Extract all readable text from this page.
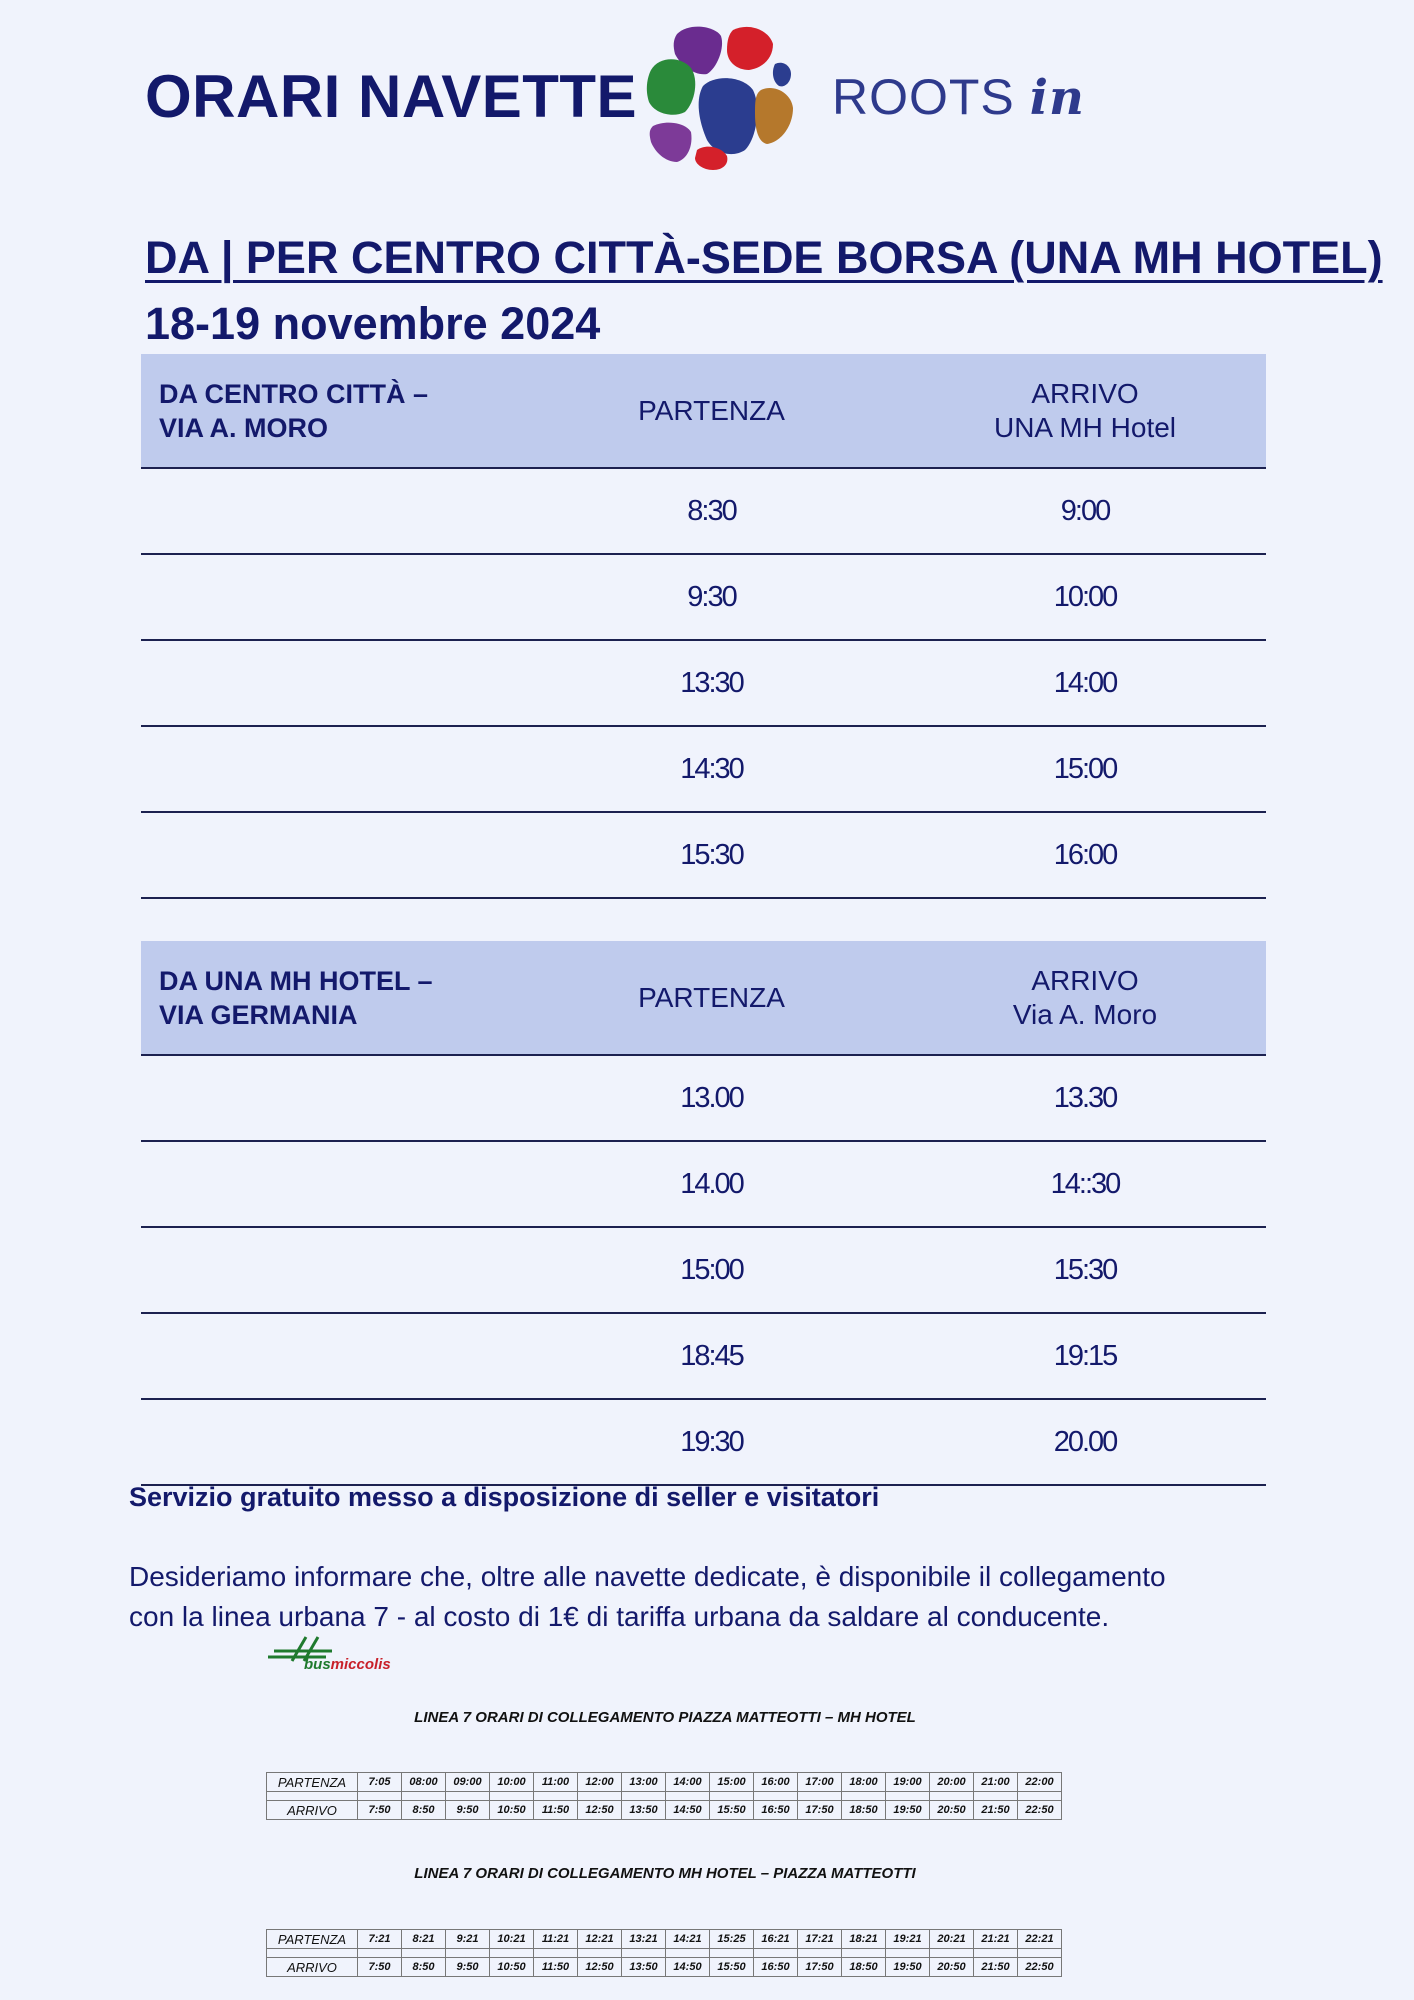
ORARI NAVETTE	ROOTS in
DA | PER CENTRO CITTÀ-SEDE BORSA (UNA MH HOTEL)
18-19 novembre 2024
DA CENTRO CITTÀ –
VIA A. MORO	PARTENZA	ARRIVO
UNA MH Hotel
	8:30	9:00
	9:30	10:00
	13:30	14:00
	14:30	15:00
	15:30	16:00
DA UNA MH HOTEL –
VIA GERMANIA	PARTENZA	ARRIVO
Via A. Moro
	13.00	13.30
	14.00	14::30
	15:00	15:30
	18:45	19:15
	19:30	20.00
Servizio gratuito messo a disposizione di seller e visitatori
Desideriamo informare che, oltre alle navette dedicate, è disponibile il collegamento
con la linea urbana 7 - al costo di 1€ di tariffa urbana da saldare al conducente.
busmiccolis
LINEA 7 ORARI DI COLLEGAMENTO PIAZZA MATTEOTTI – MH HOTEL
PARTENZA	7:05	08:00	09:00	10:00	11:00	12:00	13:00	14:00	15:00	16:00	17:00	18:00	19:00	20:00	21:00	22:00

ARRIVO	7:50	8:50	9:50	10:50	11:50	12:50	13:50	14:50	15:50	16:50	17:50	18:50	19:50	20:50	21:50	22:50
LINEA 7 ORARI DI COLLEGAMENTO MH HOTEL – PIAZZA MATTEOTTI
PARTENZA	7:21	8:21	9:21	10:21	11:21	12:21	13:21	14:21	15:25	16:21	17:21	18:21	19:21	20:21	21:21	22:21

ARRIVO	7:50	8:50	9:50	10:50	11:50	12:50	13:50	14:50	15:50	16:50	17:50	18:50	19:50	20:50	21:50	22:50
